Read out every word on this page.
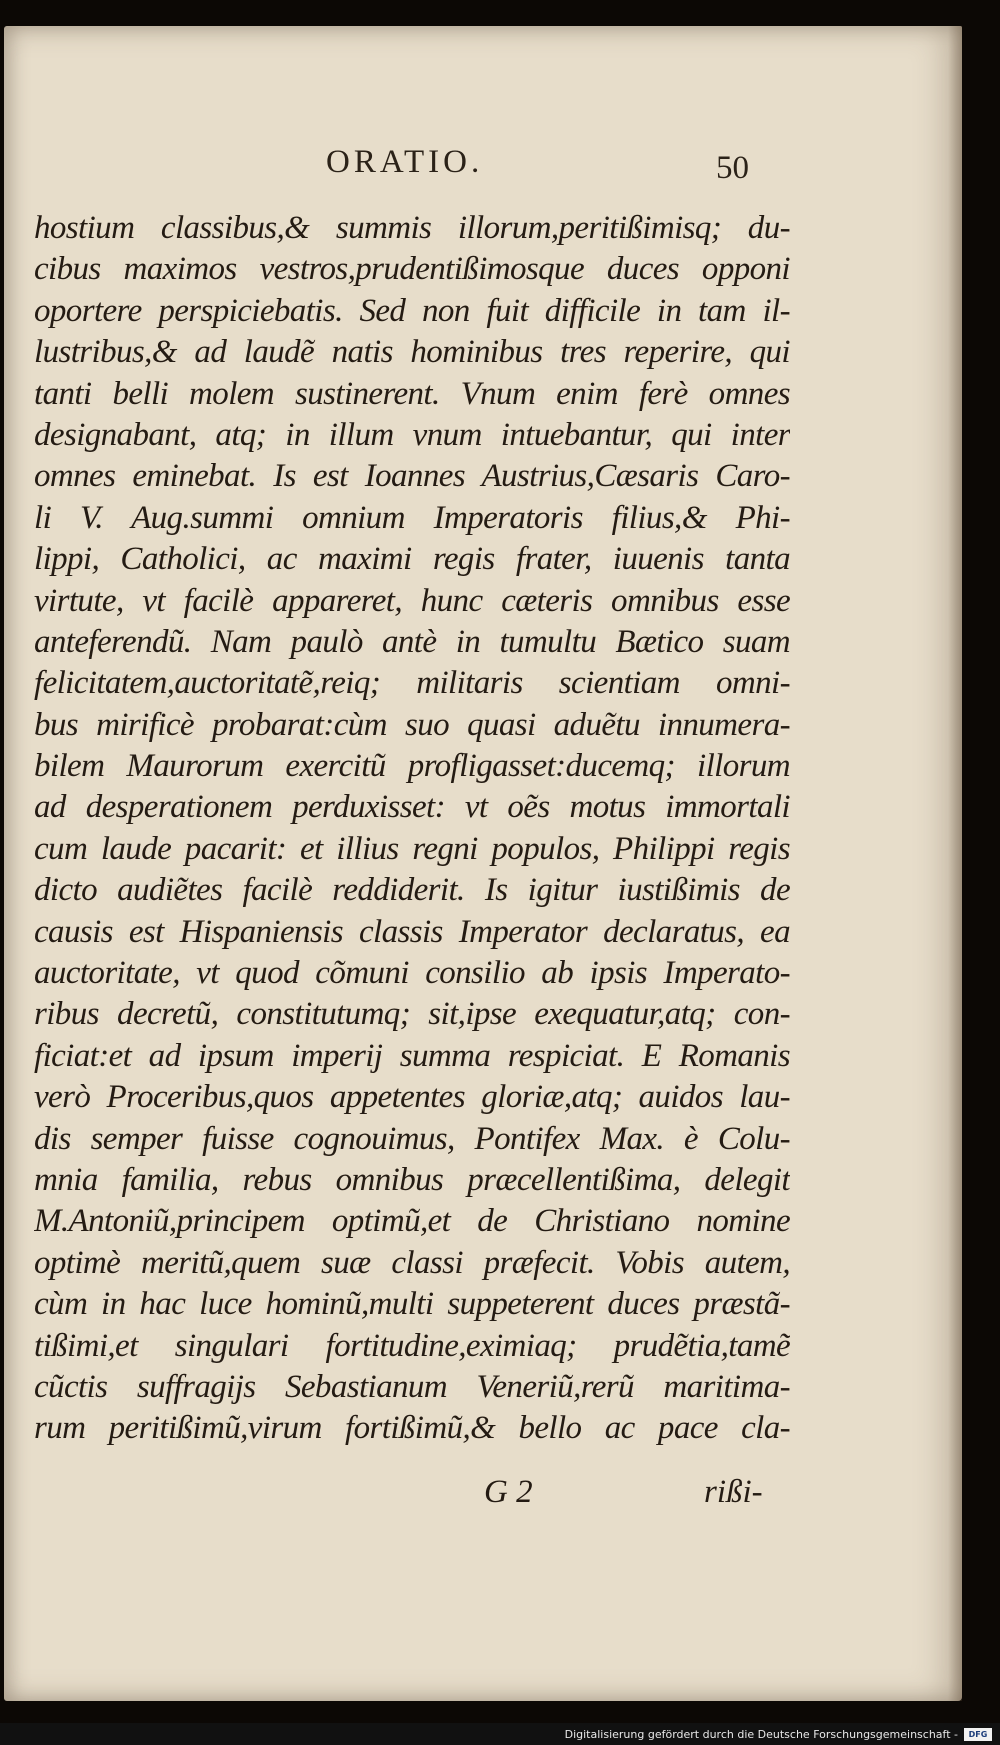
ORATIO.	50
hostium classibus,& summis illorum,peritißimisq; du-
cibus maximos vestros,prudentißimosque duces opponi
oportere perspiciebatis. Sed non fuit difficile in tam il-
lustribus,& ad laudẽ natis hominibus tres reperire, qui
tanti belli molem sustinerent. Vnum enim ferè omnes
designabant, atq; in illum vnum intuebantur, qui inter
omnes eminebat. Is est Ioannes Austrius,Cæsaris Caro-
li V. Aug.summi omnium Imperatoris filius,& Phi-
lippi, Catholici, ac maximi regis frater, iuuenis tanta
virtute, vt facilè appareret, hunc cæteris omnibus esse
anteferendũ. Nam paulò antè in tumultu Bætico suam
felicitatem,auctoritatẽ,reiq; militaris scientiam omni-
bus mirificè probarat:cùm suo quasi aduẽtu innumera-
bilem Maurorum exercitũ profligasset:ducemq; illorum
ad desperationem perduxisset: vt oẽs motus immortali
cum laude pacarit: et illius regni populos, Philippi regis
dicto audiẽtes facilè reddiderit. Is igitur iustißimis de
causis est Hispaniensis classis Imperator declaratus, ea
auctoritate, vt quod cõmuni consilio ab ipsis Imperato-
ribus decretũ, constitutumq; sit,ipse exequatur,atq; con-
ficiat:et ad ipsum imperij summa respiciat. E Romanis
verò Proceribus,quos appetentes gloriæ,atq; auidos lau-
dis semper fuisse cognouimus, Pontifex Max. è Colu-
mnia familia, rebus omnibus præcellentißima, delegit
M.Antoniũ,principem optimũ,et de Christiano nomine
optimè meritũ,quem suæ classi præfecit. Vobis autem,
cùm in hac luce hominũ,multi suppeterent duces præstã-
tißimi,et singulari fortitudine,eximiaq; prudẽtia,tamẽ
cũctis suffragijs Sebastianum Veneriũ,rerũ maritima-
rum peritißimũ,virum fortißimũ,& bello ac pace cla-
G 2	rißi-
Digitalisierung gefördert durch die Deutsche Forschungsgemeinschaft -	DFG
